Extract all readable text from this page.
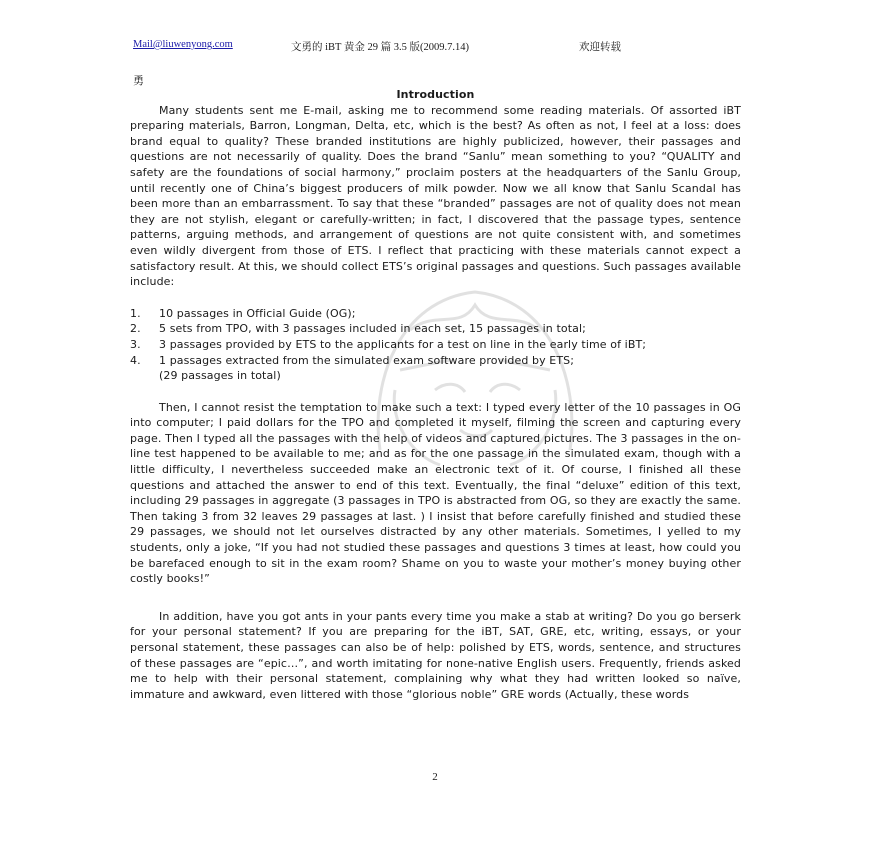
Mail@liuwenyong.com	文勇的 iBT 黄金 29 篇 3.5 版(2009.7.14)	欢迎转载
勇

Introduction

Many students sent me E-mail, asking me to recommend some reading materials. Of assorted iBT preparing materials, Barron, Longman, Delta, etc, which is the best? As often as not, I feel at a loss: does brand equal to quality? These branded institutions are highly publicized, however, their passages and questions are not necessarily of quality. Does the brand “Sanlu” mean something to you? “QUALITY and safety are the foundations of social harmony,” proclaim posters at the headquarters of the Sanlu Group, until recently one of China’s biggest producers of milk powder. Now we all know that Sanlu Scandal has been more than an embarrassment. To say that these “branded” passages are not of quality does not mean they are not stylish, elegant or carefully-written; in fact, I discovered that the passage types, sentence patterns, arguing methods, and arrangement of questions are not quite consistent with, and sometimes even wildly divergent from those of ETS. I reflect that practicing with these materials cannot expect a satisfactory result. At this, we should collect ETS’s original passages and questions. Such passages available include:

1. 10 passages in Official Guide (OG);
2. 5 sets from TPO, with 3 passages included in each set, 15 passages in total;
3. 3 passages provided by ETS to the applicants for a test on line in the early time of iBT;
4. 1 passages extracted from the simulated exam software provided by ETS;

(29 passages in total)

Then, I cannot resist the temptation to make such a text: I typed every letter of the 10 passages in OG into computer; I paid dollars for the TPO and completed it myself, filming the screen and capturing every page. Then I typed all the passages with the help of videos and captured pictures. The 3 passages in the on-line test happened to be available to me; and as for the one passage in the simulated exam, though with a little difficulty, I nevertheless succeeded make an electronic text of it. Of course, I finished all these questions and attached the answer to end of this text. Eventually, the final “deluxe” edition of this text, including 29 passages in aggregate (3 passages in TPO is abstracted from OG, so they are exactly the same. Then taking 3 from 32 leaves 29 passages at last. ) I insist that before carefully finished and studied these 29 passages, we should not let ourselves distracted by any other materials. Sometimes, I yelled to my students, only a joke, “If you had not studied these passages and questions 3 times at least, how could you be barefaced enough to sit in the exam room? Shame on you to waste your mother’s money buying other costly books!”

In addition, have you got ants in your pants every time you make a stab at writing? Do you go berserk for your personal statement? If you are preparing for the iBT, SAT, GRE, etc, writing, essays, or your personal statement, these passages can also be of help: polished by ETS, words, sentence, and structures of these passages are “epic…”, and worth imitating for none-native English users. Frequently, friends asked me to help with their personal statement, complaining why what they had written looked so naïve, immature and awkward, even littered with those “glorious noble” GRE words (Actually, these words

2
